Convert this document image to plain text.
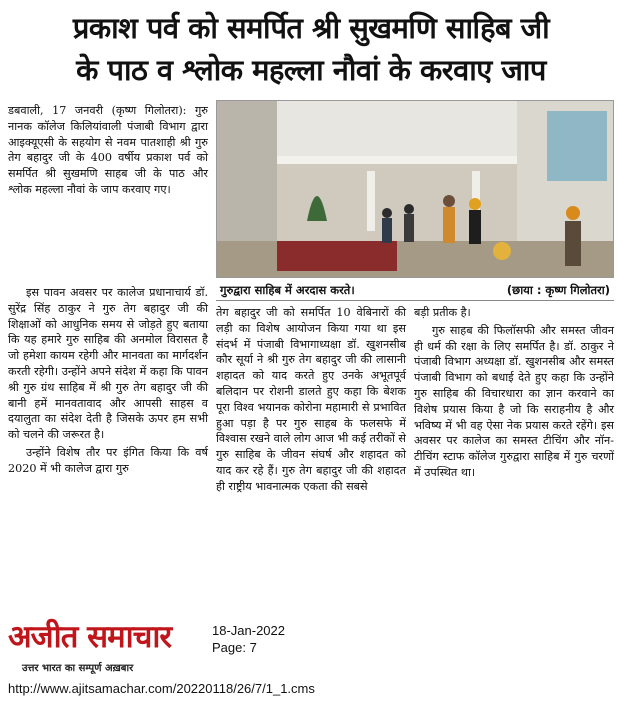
प्रकाश पर्व को समर्पित श्री सुखमणि साहिब जी
के पाठ व श्लोक महल्ला नौवां के करवाए जाप

डबवाली, 17 जनवरी (कृष्ण गिलोतरा): गुरु नानक कॉलेज किलियांवाली पंजाबी विभाग द्वारा आइक्यूएसी के सहयोग से नवम पातशाही श्री गुरु तेग बहादुर जी के 400 वर्षीय प्रकाश पर्व को समर्पित श्री सुखमणि साहब जी के पाठ और श्लोक महल्ला नौवां के जाप करवाए गए।

इस पावन अवसर पर कालेज प्रधानाचार्य डॉ. सुरेंद्र सिंह ठाकुर ने गुरु तेग बहादुर जी की शिक्षाओं को आधुनिक समय से जोड़ते हुए बताया कि यह हमारे गुरु साहिब की अनमोल विरासत है जो हमेशा कायम रहेगी और मानवता का मार्गदर्शन करती रहेगी। उन्होंने अपने संदेश में कहा कि पावन श्री गुरु ग्रंथ साहिब में श्री गुरु तेग बहादुर जी की बानी हमें मानवतावाद और आपसी साहस व दयालुता का संदेश देती है जिसके ऊपर हम सभी को चलने की जरूरत है।

उन्होंने विशेष तौर पर इंगित किया कि वर्ष 2020 में भी कालेज द्वारा गुरु

गुरुद्वारा साहिब में अरदास करते।	(छाया : कृष्ण गिलोतरा)

तेग बहादुर जी को समर्पित 10 वेबिनारों की लड़ी का विशेष आयोजन किया गया था इस संदर्भ में पंजाबी विभागाध्यक्षा डॉ. खुशनसीब कौर सूर्या ने श्री गुरु तेग बहादुर जी की लासानी शहादत को याद करते हुए उनके अभूतपूर्व बलिदान पर रोशनी डालते हुए कहा कि बेशक पूरा विश्व भयानक कोरोना महामारी से प्रभावित हुआ पड़ा है पर गुरु साहब के फलसफे में विश्वास रखने वाले लोग आज भी कई तरीकों से गुरु साहिब के जीवन संघर्ष और शहादत को याद कर रहे हैं। गुरु तेग बहादुर जी की शहादत ही राष्ट्रीय भावनात्मक एकता की सबसे

बड़ी प्रतीक है।

गुरु साहब की फिलॉसफी और समस्त जीवन ही धर्म की रक्षा के लिए समर्पित है। डॉ. ठाकुर ने पंजाबी विभाग अध्यक्षा डॉ. खुशनसीब और समस्त पंजाबी विभाग को बधाई देते हुए कहा कि उन्होंने गुरु साहिब की विचारधारा का ज्ञान करवाने का विशेष प्रयास किया है जो कि सराहनीय है और भविष्य में भी वह ऐसा नेक प्रयास करते रहेंगे। इस अवसर पर कालेज का समस्त टीचिंग और नॉन-टीचिंग स्टाफ कॉलेज गुरुद्वारा साहिब में गुरु चरणों में उपस्थित था।

अजीत समाचार
उत्तर भारत का सम्पूर्ण अख़बार
18-Jan-2022
Page: 7
http://www.ajitsamachar.com/20220118/26/7/1_1.cms
